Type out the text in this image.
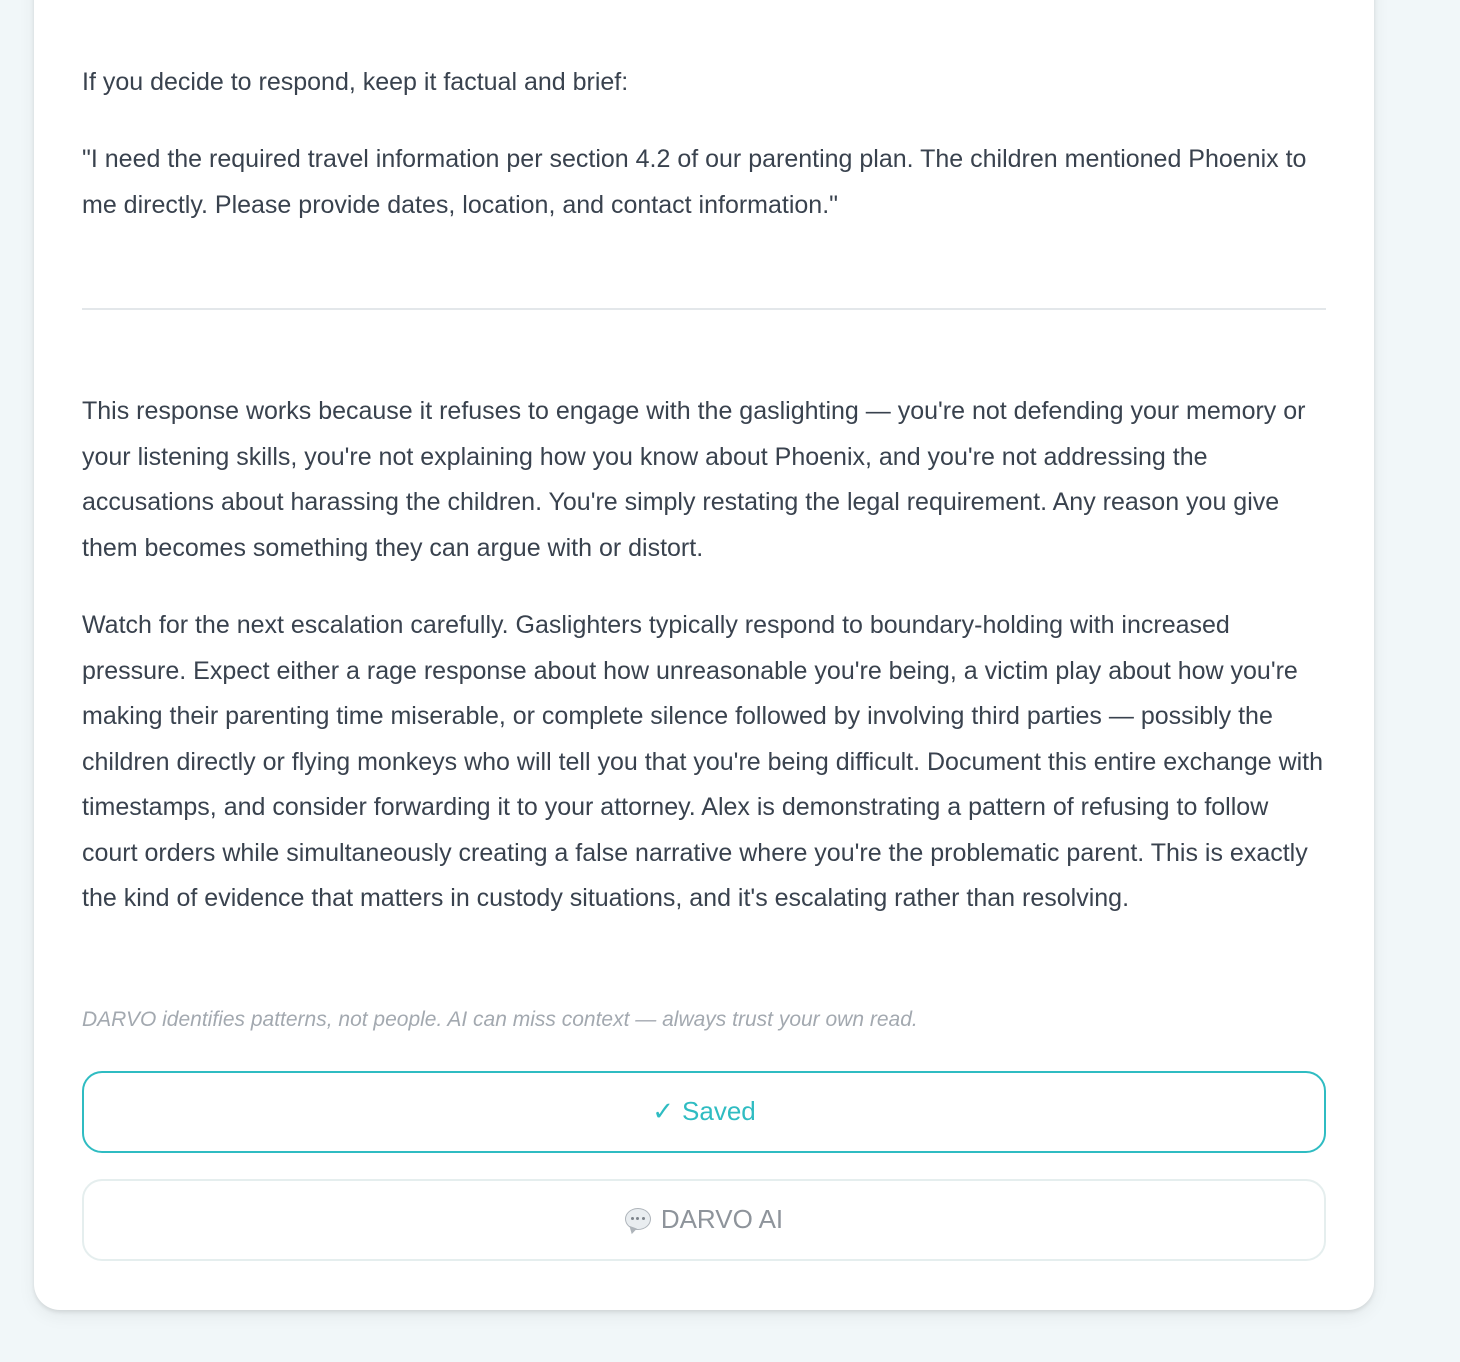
If you decide to respond, keep it factual and brief:

"I need the required travel information per section 4.2 of our parenting plan. The children mentioned Phoenix to me directly. Please provide dates, location, and contact information."

This response works because it refuses to engage with the gaslighting — you're not defending your memory or your listening skills, you're not explaining how you know about Phoenix, and you're not addressing the accusations about harassing the children. You're simply restating the legal requirement. Any reason you give them becomes something they can argue with or distort.

Watch for the next escalation carefully. Gaslighters typically respond to boundary-holding with increased pressure. Expect either a rage response about how unreasonable you're being, a victim play about how you're making their parenting time miserable, or complete silence followed by involving third parties — possibly the children directly or flying monkeys who will tell you that you're being difficult. Document this entire exchange with timestamps, and consider forwarding it to your attorney. Alex is demonstrating a pattern of refusing to follow court orders while simultaneously creating a false narrative where you're the problematic parent. This is exactly the kind of evidence that matters in custody situations, and it's escalating rather than resolving.

DARVO identifies patterns, not people. AI can miss context — always trust your own read.

✓ Saved
DARVO AI
